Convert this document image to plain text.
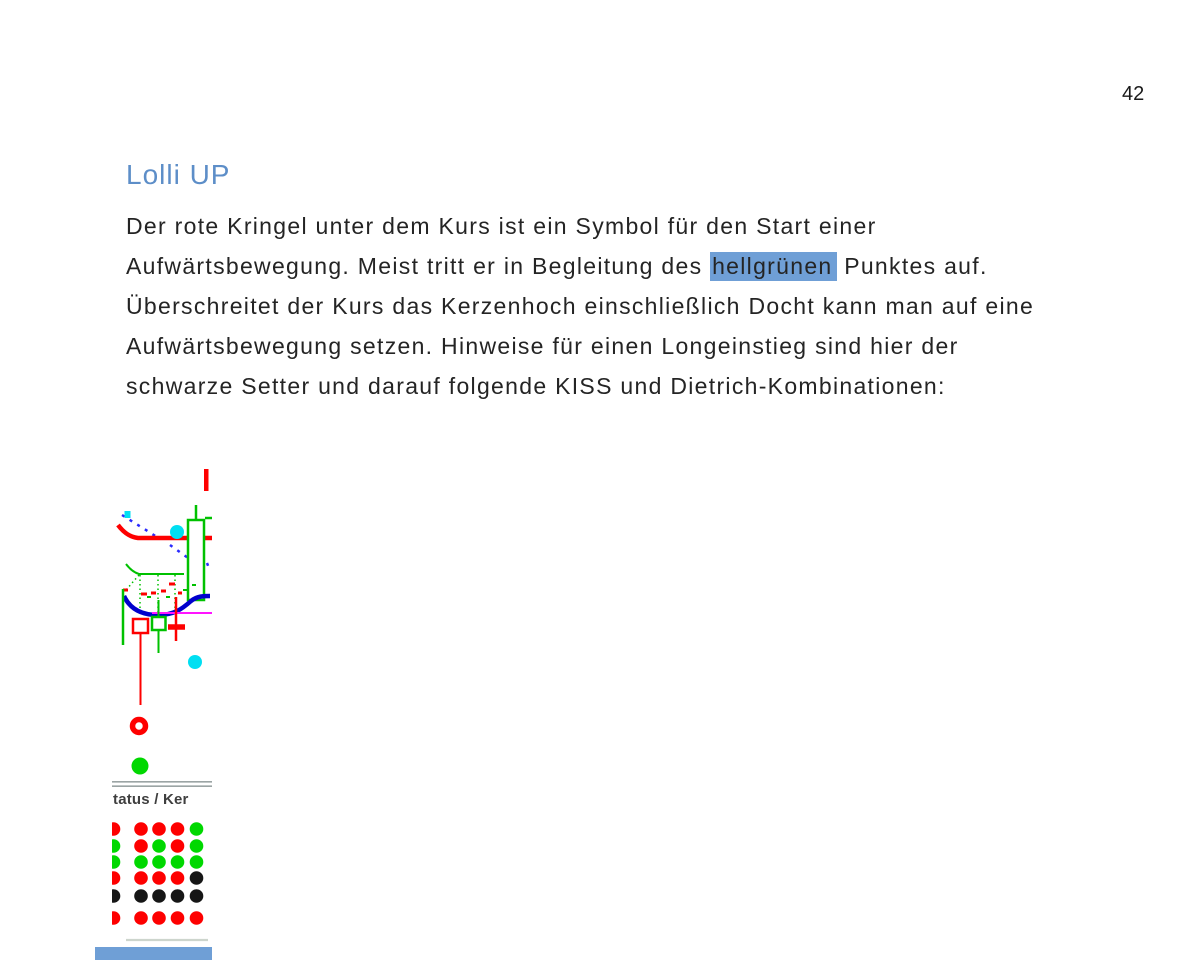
42
Lolli UP
Der rote Kringel unter dem Kurs ist ein Symbol für den Start einer
Aufwärtsbewegung. Meist tritt er in Begleitung des hellgrünen Punktes auf.
Überschreitet der Kurs das Kerzenhoch einschließlich Docht kann man auf eine
Aufwärtsbewegung setzen. Hinweise für einen Longeinstieg sind hier der
schwarze Setter und darauf folgende KISS und Dietrich-Kombinationen:
tatus / Ker
